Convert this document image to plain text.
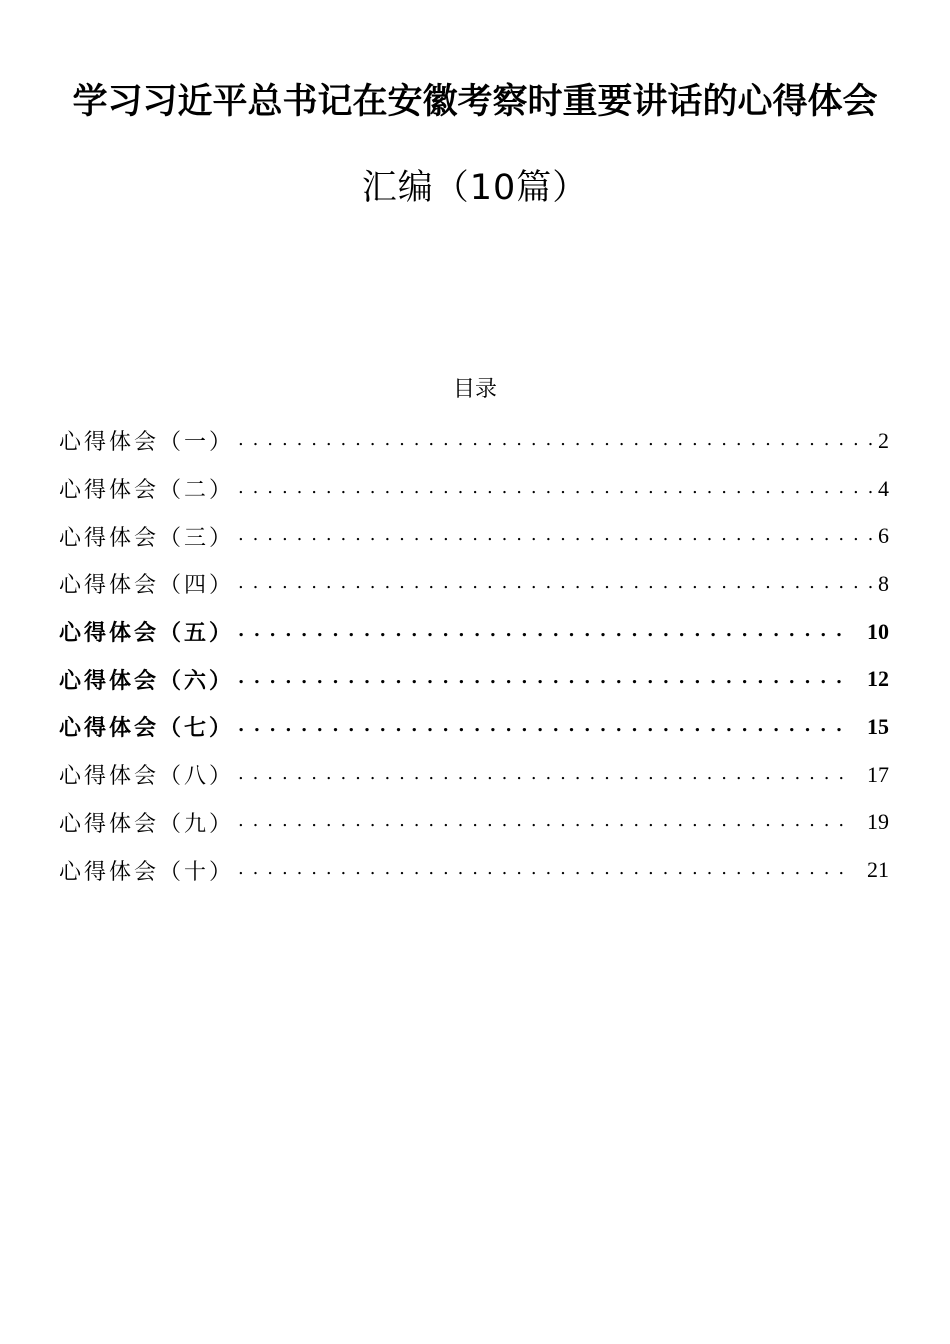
学习习近平总书记在安徽考察时重要讲话的心得体会
汇编（10篇）
目录
心得体会（一） . . .	2
心得体会（二） . . .	4
心得体会（三） . . .	6
心得体会（四） . . .	8
心得体会（五） . . .	10
心得体会（六） . . .	12
心得体会（七） . . .	15
心得体会（八） . . .	17
心得体会（九） . . .	19
心得体会（十） . . .	21
